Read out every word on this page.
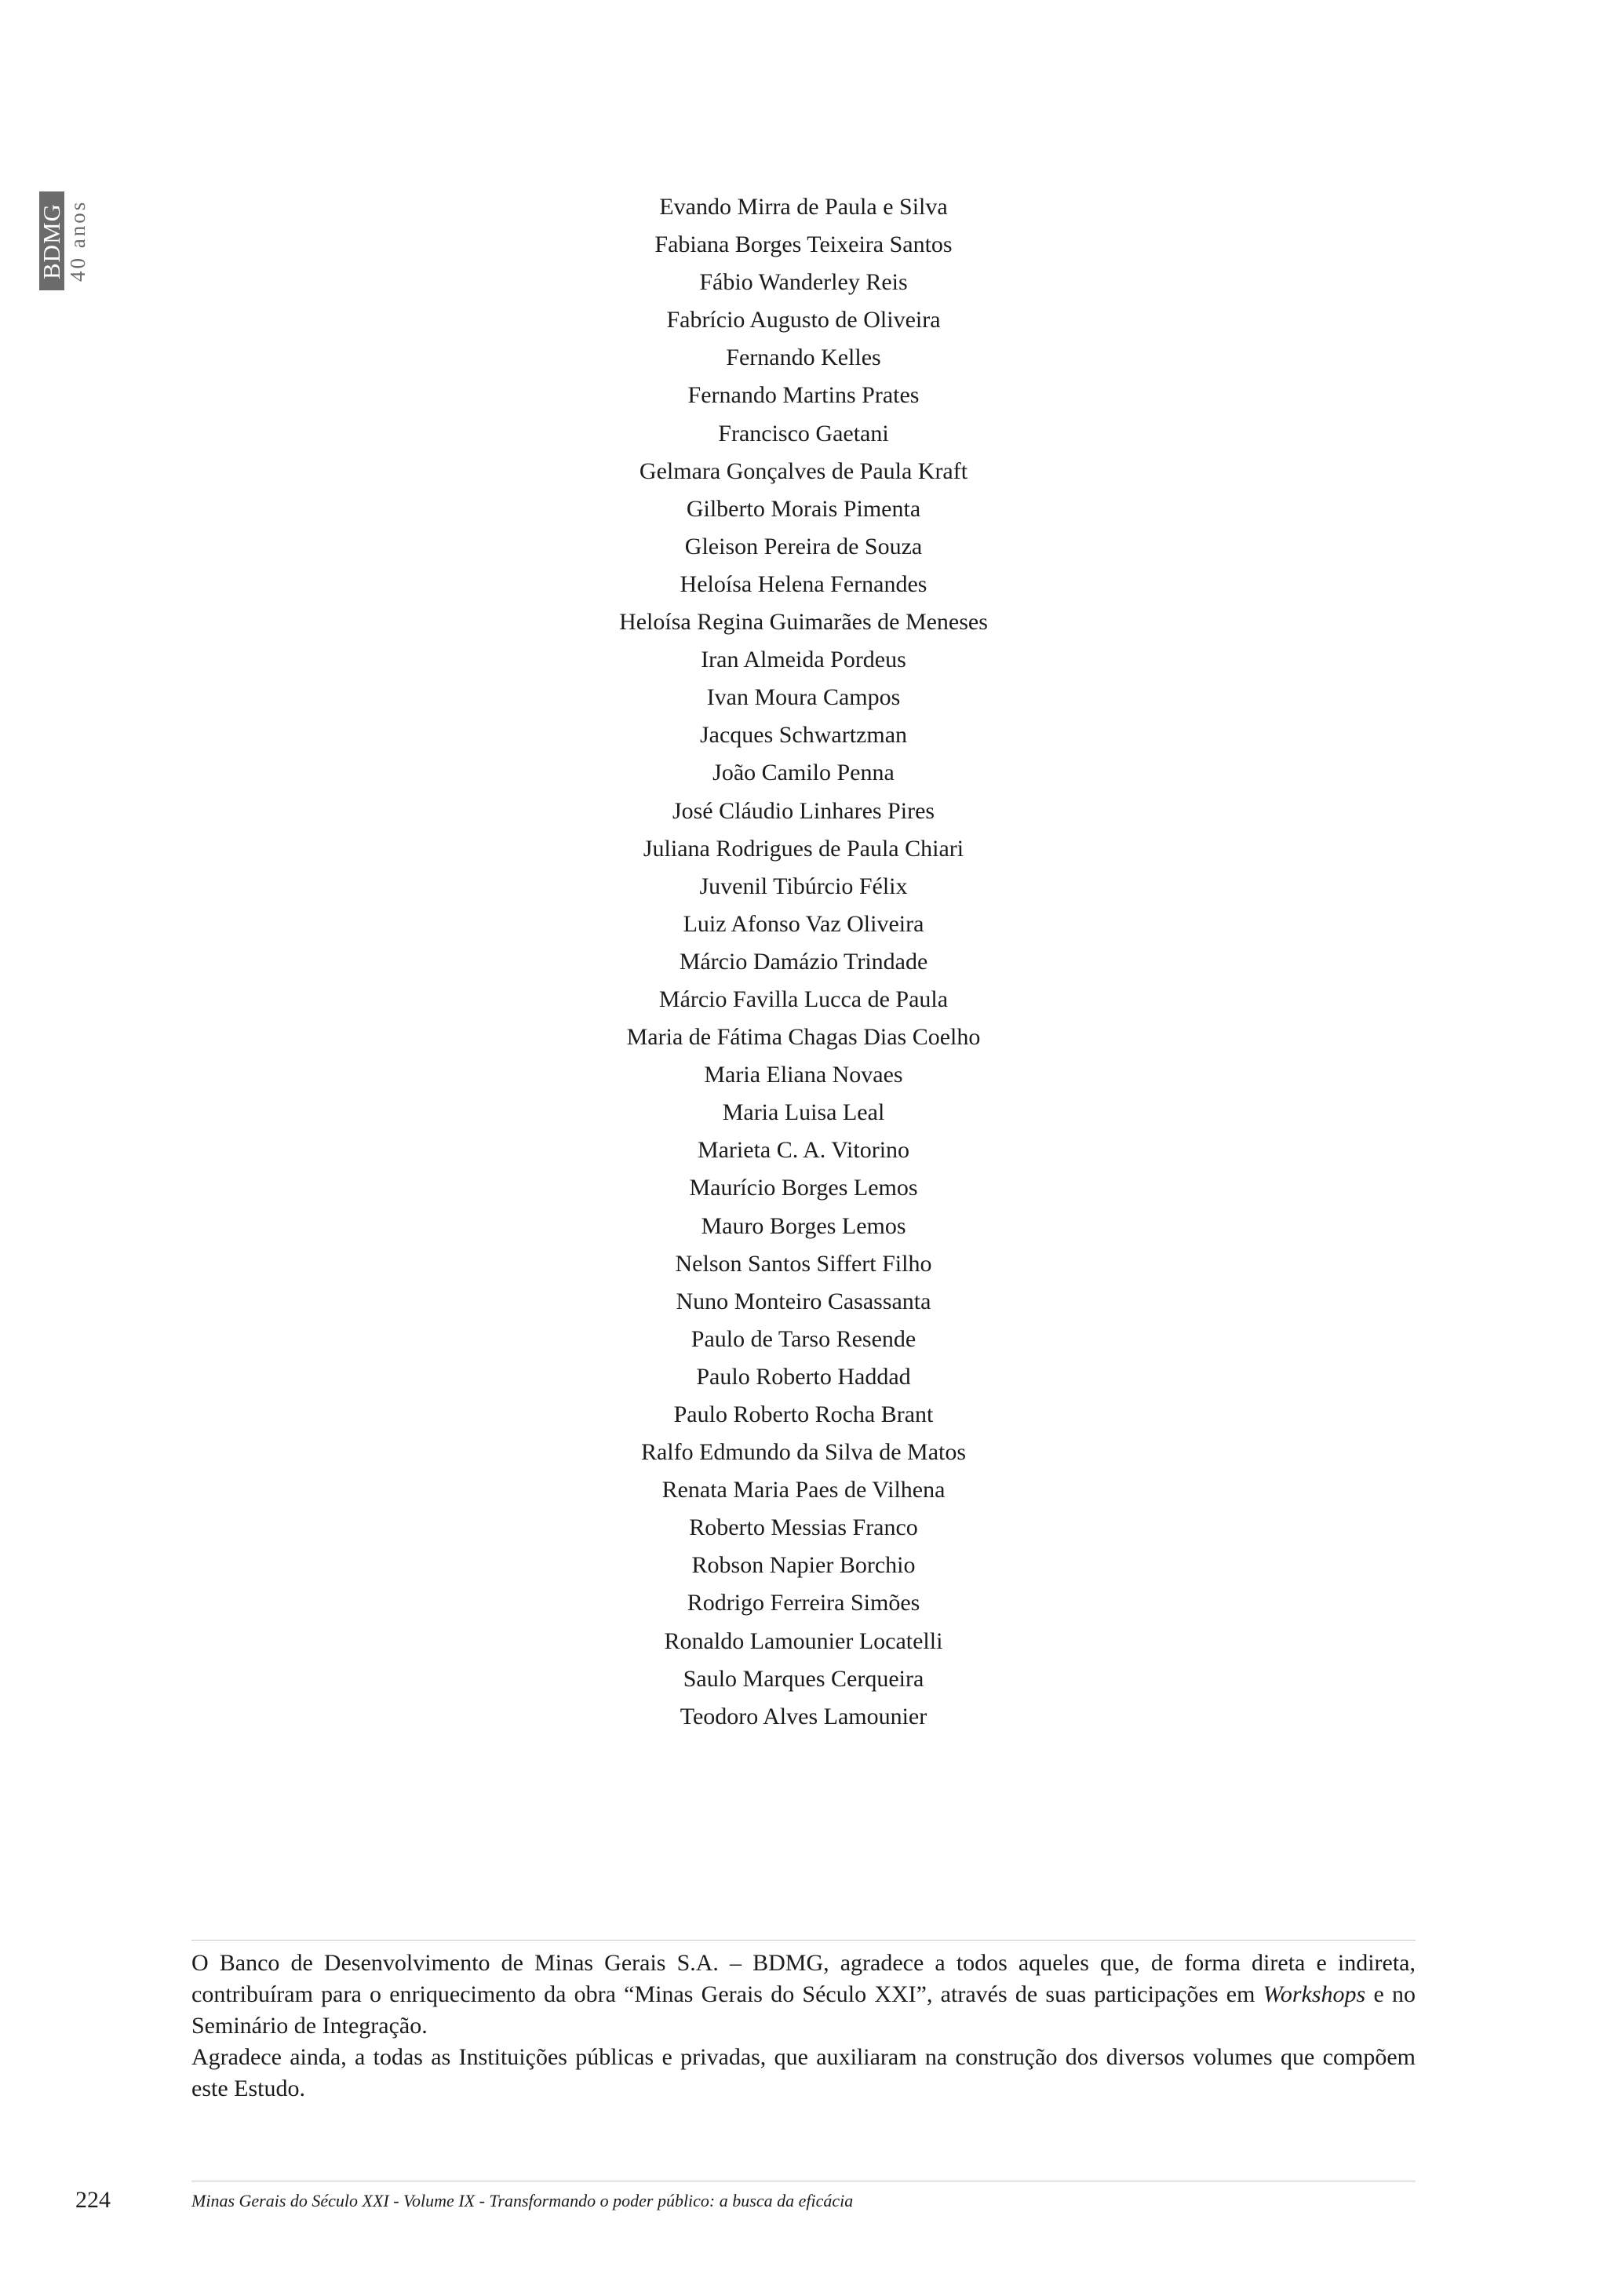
BDMG 40 anos	Evando Mirra de Paula e Silva
Fabiana Borges Teixeira Santos
Fábio Wanderley Reis
Fabrício Augusto de Oliveira
Fernando Kelles
Fernando Martins Prates
Francisco Gaetani
Gelmara Gonçalves de Paula Kraft
Gilberto Morais Pimenta
Gleison Pereira de Souza
Heloísa Helena Fernandes
Heloísa Regina Guimarães de Meneses
Iran Almeida Pordeus
Ivan Moura Campos
Jacques Schwartzman
João Camilo Penna
José Cláudio Linhares Pires
Juliana Rodrigues de Paula Chiari
Juvenil Tibúrcio Félix
Luiz Afonso Vaz Oliveira
Márcio Damázio Trindade
Márcio Favilla Lucca de Paula
Maria de Fátima Chagas Dias Coelho
Maria Eliana Novaes
Maria Luisa Leal
Marieta C. A. Vitorino
Maurício Borges Lemos
Mauro Borges Lemos
Nelson Santos Siffert Filho
Nuno Monteiro Casassanta
Paulo de Tarso Resende
Paulo Roberto Haddad
Paulo Roberto Rocha Brant
Ralfo Edmundo da Silva de Matos
Renata Maria Paes de Vilhena
Roberto Messias Franco
Robson Napier Borchio
Rodrigo Ferreira Simões
Ronaldo Lamounier Locatelli
Saulo Marques Cerqueira
Teodoro Alves Lamounier

O Banco de Desenvolvimento de Minas Gerais S.A. – BDMG, agradece a todos aqueles que, de forma direta e indireta, contribuíram para o enriquecimento da obra “Minas Gerais do Século XXI”, através de suas participações em Workshops e no Seminário de Integração.

Agradece ainda, a todas as Instituições públicas e privadas, que auxiliaram na construção dos diversos volumes que compõem este Estudo.

224	Minas Gerais do Século XXI - Volume IX - Transformando o poder público: a busca da eficácia
